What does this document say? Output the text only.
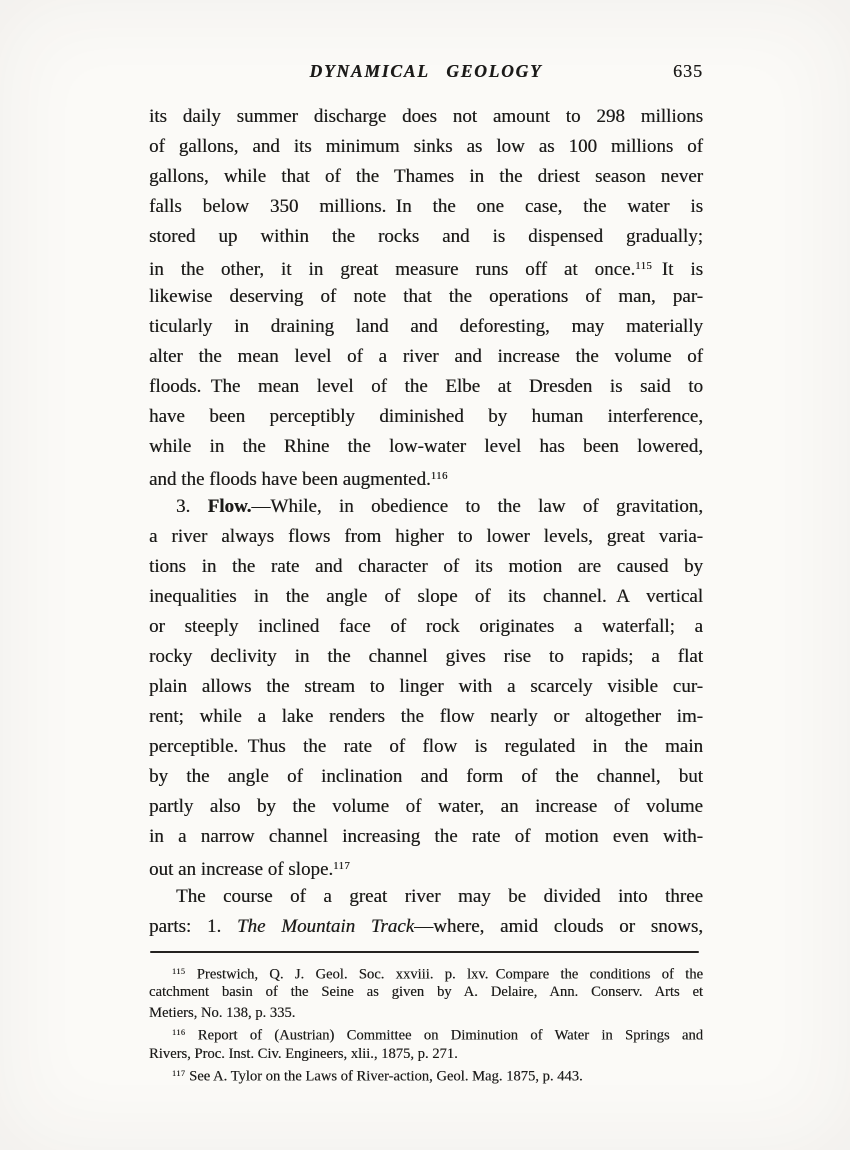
DYNAMICAL GEOLOGY	635
its daily summer discharge does not amount to 298 millions
of gallons, and its minimum sinks as low as 100 millions of
gallons, while that of the Thames in the driest season never
falls below 350 millions. In the one case, the water is
stored up within the rocks and is dispensed gradually;
in the other, it in great measure runs off at once.$^{115}$ It is
likewise deserving of note that the operations of man, par-
ticularly in draining land and deforesting, may materially
alter the mean level of a river and increase the volume of
floods. The mean level of the Elbe at Dresden is said to
have been perceptibly diminished by human interference,
while in the Rhine the low-water level has been lowered,
and the floods have been augmented.$^{116}$
3. Flow.—While, in obedience to the law of gravitation,
a river always flows from higher to lower levels, great varia-
tions in the rate and character of its motion are caused by
inequalities in the angle of slope of its channel. A vertical
or steeply inclined face of rock originates a waterfall; a
rocky declivity in the channel gives rise to rapids; a flat
plain allows the stream to linger with a scarcely visible cur-
rent; while a lake renders the flow nearly or altogether im-
perceptible. Thus the rate of flow is regulated in the main
by the angle of inclination and form of the channel, but
partly also by the volume of water, an increase of volume
in a narrow channel increasing the rate of motion even with-
out an increase of slope.$^{117}$
The course of a great river may be divided into three
parts: 1. The Mountain Track—where, amid clouds or snows,
$^{115}$ Prestwich, Q. J. Geol. Soc. xxviii. p. lxv. Compare the conditions of the
catchment basin of the Seine as given by A. Delaire, Ann. Conserv. Arts et
Metiers, No. 138, p. 335.
$^{116}$ Report of (Austrian) Committee on Diminution of Water in Springs and
Rivers, Proc. Inst. Civ. Engineers, xlii., 1875, p. 271.
$^{117}$ See A. Tylor on the Laws of River-action, Geol. Mag. 1875, p. 443.
